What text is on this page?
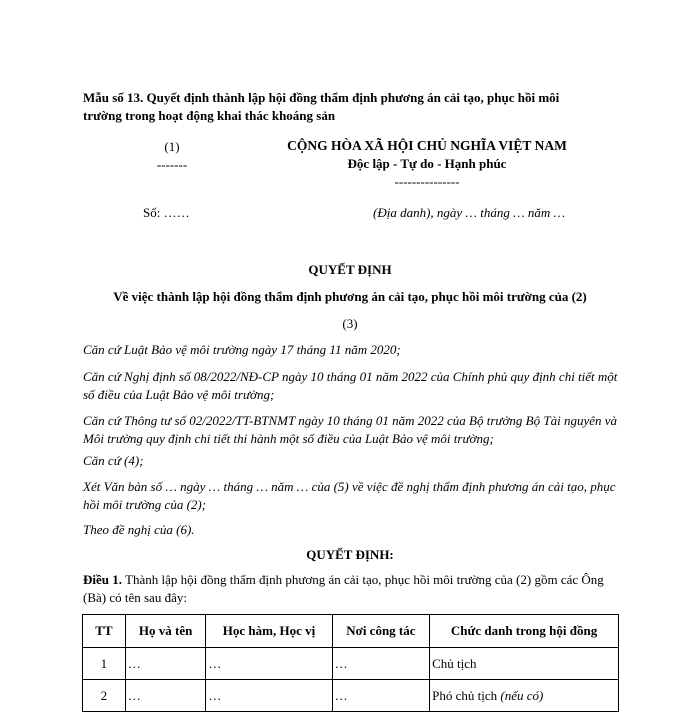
Mẫu số 13. Quyết định thành lập hội đồng thẩm định phương án cải tạo, phục hồi môi
trường trong hoạt động khai thác khoáng sản
(1)
-------
CỘNG HÒA XÃ HỘI CHỦ NGHĨA VIỆT NAM
Độc lập - Tự do - Hạnh phúc
---------------
Số: ……	(Địa danh), ngày … tháng … năm …
QUYẾT ĐỊNH
Về việc thành lập hội đồng thẩm định phương án cải tạo, phục hồi môi trường của (2)
(3)
Căn cứ Luật Bảo vệ môi trường ngày 17 tháng 11 năm 2020;
Căn cứ Nghị định số 08/2022/NĐ-CP ngày 10 tháng 01 năm 2022 của Chính phủ quy định chi tiết một số điều của Luật Bảo vệ môi trường;
Căn cứ Thông tư số 02/2022/TT-BTNMT ngày 10 tháng 01 năm 2022 của Bộ trưởng Bộ Tài nguyên và Môi trường quy định chi tiết thi hành một số điều của Luật Bảo vệ môi trường;
Căn cứ (4);
Xét Văn bản số … ngày … tháng … năm … của (5) về việc đề nghị thẩm định phương án cải tạo, phục hồi môi trường của (2);
Theo đề nghị của (6).
QUYẾT ĐỊNH:
Điều 1. Thành lập hội đồng thẩm định phương án cải tạo, phục hồi môi trường của (2) gồm các Ông (Bà) có tên sau đây:
TT	Họ và tên	Học hàm, Học vị	Nơi công tác	Chức danh trong hội đồng
1	…	…	…	Chủ tịch
2	…	…	…	Phó chủ tịch (nếu có)
